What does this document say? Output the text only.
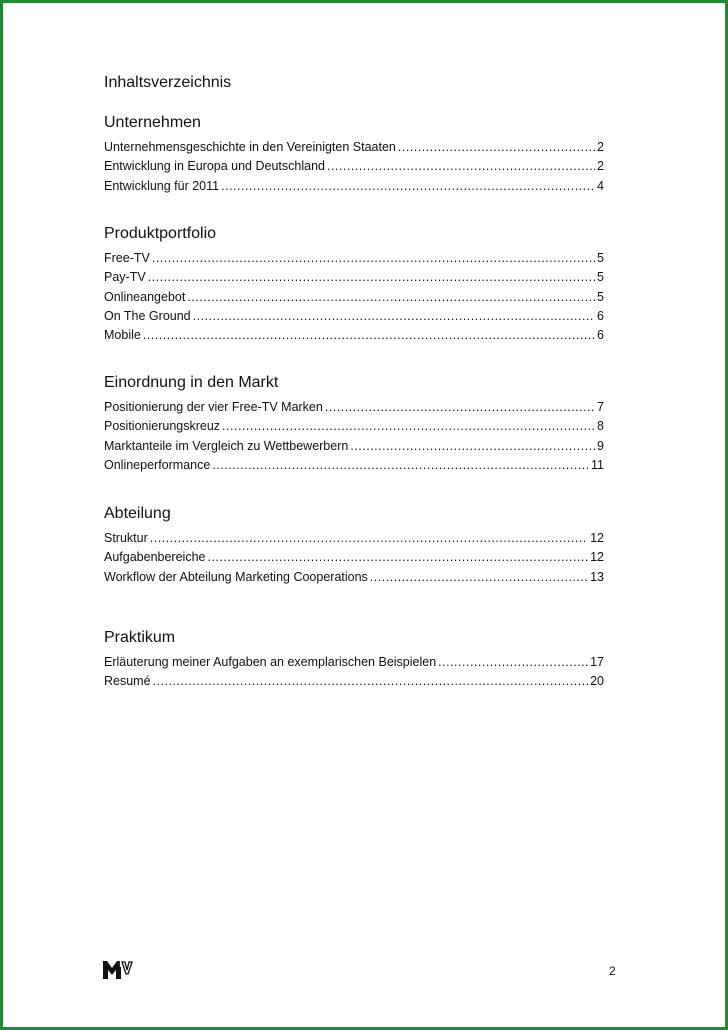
Inhaltsverzeichnis
Unternehmen
Unternehmensgeschichte in den Vereinigten Staaten .....	2
Entwicklung in Europa und Deutschland .....	2
Entwicklung für 2011 .....	4
Produktportfolio
Free-TV .....	5
Pay-TV .....	5
Onlineangebot .....	5
On The Ground .....	6
Mobile .....	6
Einordnung in den Markt
Positionierung der vier Free-TV Marken .....	7
Positionierungskreuz .....	8
Marktanteile im Vergleich zu Wettbewerbern .....	9
Onlineperformance .....	11
Abteilung
Struktur .....	12
Aufgabenbereiche .....	12
Workflow der Abteilung Marketing Cooperations .....	13
Praktikum
Erläuterung meiner Aufgaben an exemplarischen Beispielen .....	17
Resumé .....	20
2
